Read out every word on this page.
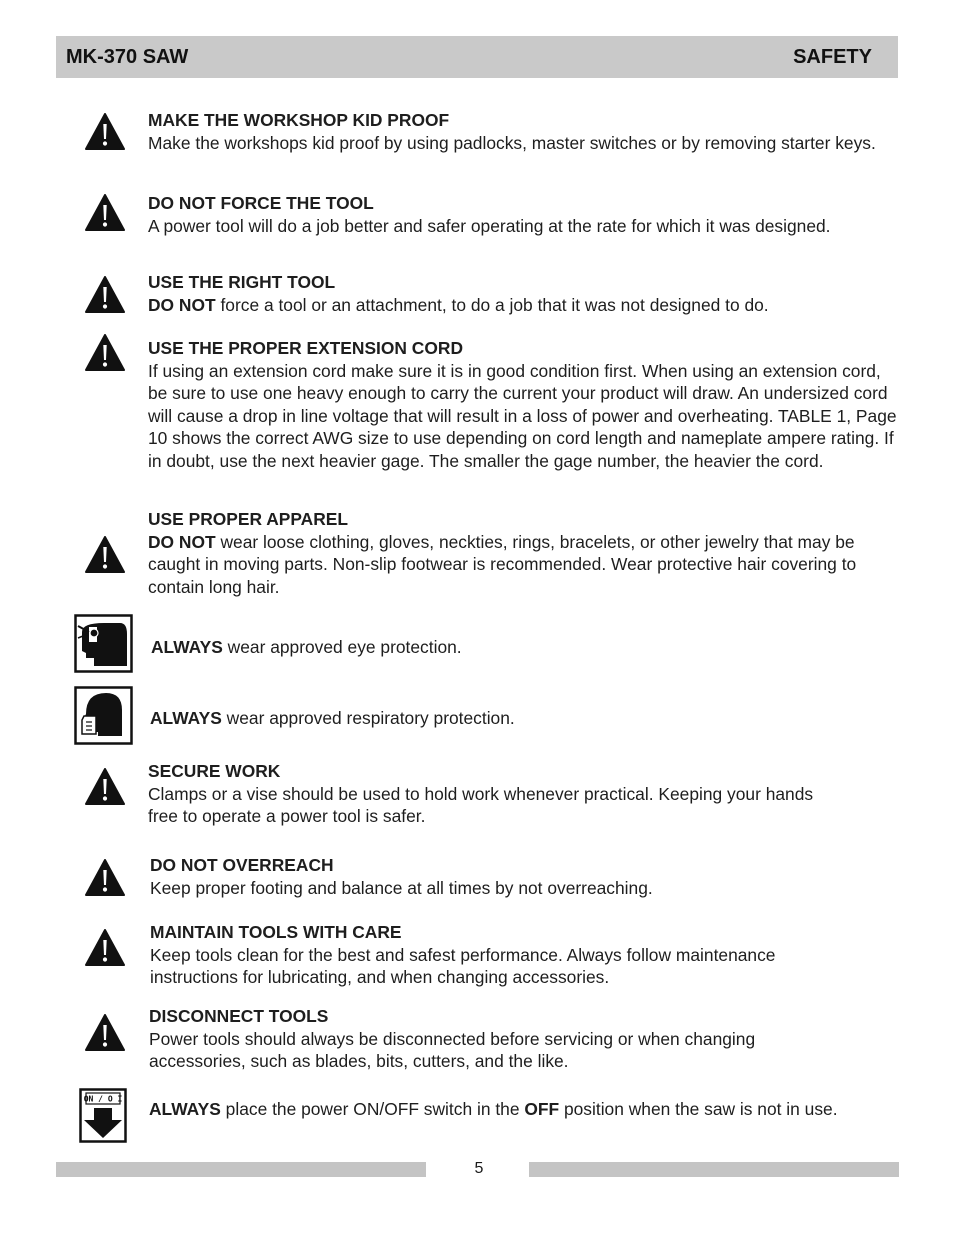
MK-370 SAW	SAFETY
MAKE THE WORKSHOP KID PROOF
Make the workshops kid proof by using padlocks, master switches or by removing starter keys.
DO NOT FORCE THE TOOL
A power tool will do a job better and safer operating at the rate for which it was designed.
USE THE RIGHT TOOL
DO NOT force a tool or an attachment, to do a job that it was not designed to do.
USE THE PROPER EXTENSION CORD
If using an extension cord make sure it is in good condition first. When using an extension cord, be sure to use one heavy enough to carry the current your product will draw. An undersized cord will cause a drop in line voltage that will result in a loss of power and overheating. TABLE 1, Page 10 shows the correct AWG size to use depending on cord length and nameplate ampere rating. If in doubt, use the next heavier gage. The smaller the gage number, the heavier the cord.
USE PROPER APPAREL
DO NOT wear loose clothing, gloves, neckties, rings, bracelets, or other jewelry that may be caught in moving parts. Non-slip footwear is recommended. Wear protective hair covering to contain long hair.
ALWAYS wear approved eye protection.
ALWAYS wear approved respiratory protection.
SECURE WORK
Clamps or a vise should be used to hold work whenever practical. Keeping your hands free to operate a power tool is safer.
DO NOT OVERREACH
Keep proper footing and balance at all times by not overreaching.
MAINTAIN TOOLS WITH CARE
Keep tools clean for the best and safest performance. Always follow maintenance instructions for lubricating, and when changing accessories.
DISCONNECT TOOLS
Power tools should always be disconnected before servicing or when changing accessories, such as blades, bits, cutters, and the like.
ON / O I ALWAYS place the power ON/OFF switch in the OFF position when the saw is not in use.
5
